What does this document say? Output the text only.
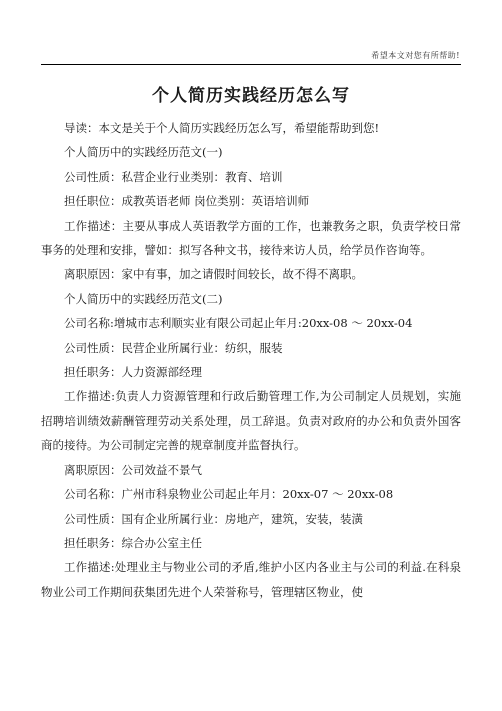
希望本文对您有所帮助!
个人简历实践经历怎么写

导读：本文是关于个人简历实践经历怎么写，希望能帮助到您!

个人简历中的实践经历范文(一)

公司性质：私营企业行业类别：教育、培训

担任职位：成教英语老师 岗位类别：英语培训师

工作描述：主要从事成人英语教学方面的工作，也兼教务之职，负责学校日常事务的处理和安排，譬如：拟写各种文书，接待来访人员，给学员作咨询等。

离职原因：家中有事，加之请假时间较长，故不得不离职。

个人简历中的实践经历范文(二)

公司名称:增城市志利顺实业有限公司起止年月:20xx-08 ～ 20xx-04

公司性质：民营企业所属行业：纺织，服装

担任职务：人力资源部经理

工作描述:负责人力资源管理和行政后勤管理工作,为公司制定人员规划，实施招聘培训绩效薪酬管理劳动关系处理，员工辞退。负责对政府的办公和负责外国客商的接待。为公司制定完善的规章制度并监督执行。

离职原因：公司效益不景气

公司名称：广州市科泉物业公司起止年月：20xx-07 ～ 20xx-08

公司性质：国有企业所属行业：房地产，建筑，安装，装潢

担任职务：综合办公室主任

工作描述:处理业主与物业公司的矛盾,维护小区内各业主与公司的利益.在科泉物业公司工作期间获集团先进个人荣誉称号，管理辖区物业，使
